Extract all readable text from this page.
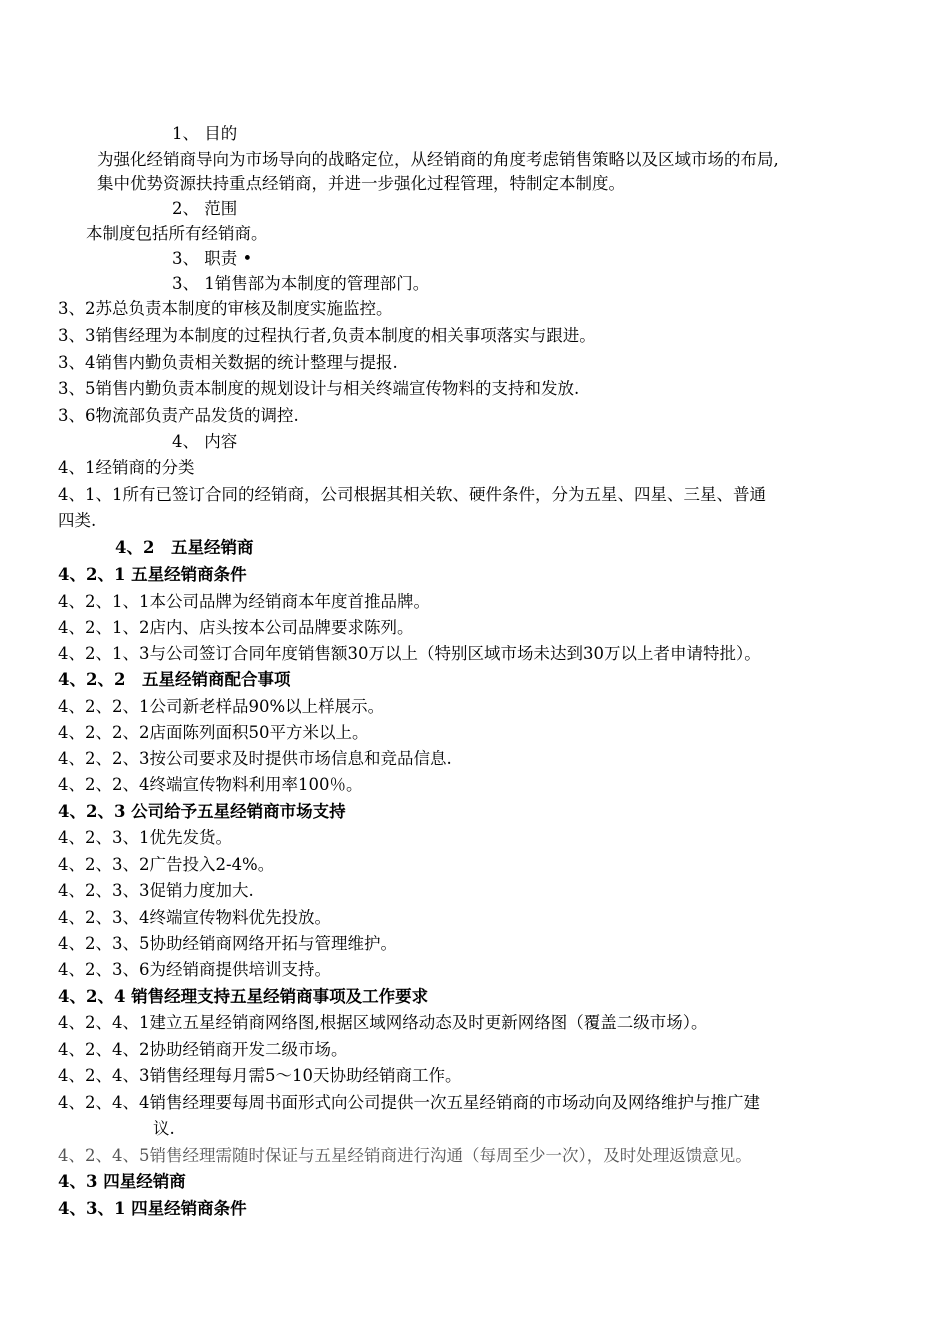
1、 目的
为强化经销商导向为市场导向的战略定位，从经销商的角度考虑销售策略以及区域市场的布局,
集中优势资源扶持重点经销商，并进一步强化过程管理，特制定本制度。
2、 范围
本制度包括所有经销商。
3、 职责 •
3、 1销售部为本制度的管理部门。
3、2苏总负责本制度的审核及制度实施监控。
3、3销售经理为本制度的过程执行者,负责本制度的相关事项落实与跟进。
3、4销售内勤负责相关数据的统计整理与提报.
3、5销售内勤负责本制度的规划设计与相关终端宣传物料的支持和发放.
3、6物流部负责产品发货的调控.
4、 内容
4、1经销商的分类
4、1、1所有已签订合同的经销商，公司根据其相关软、硬件条件，分为五星、四星、三星、普通
四类.
4、2　五星经销商
4、2、1 五星经销商条件
4、2、1、1本公司品牌为经销商本年度首推品牌。
4、2、1、2店内、店头按本公司品牌要求陈列。
4、2、1、3与公司签订合同年度销售额30万以上（特别区域市场未达到30万以上者申请特批）。
4、2、2　五星经销商配合事项
4、2、2、1公司新老样品90%以上样展示。
4、2、2、2店面陈列面积50平方米以上。
4、2、2、3按公司要求及时提供市场信息和竞品信息.
4、2、2、4终端宣传物料利用率100％。
4、2、3 公司给予五星经销商市场支持
4、2、3、1优先发货。
4、2、3、2广告投入2-4%。
4、2、3、3促销力度加大.
4、2、3、4终端宣传物料优先投放。
4、2、3、5协助经销商网络开拓与管理维护。
4、2、3、6为经销商提供培训支持。
4、2、4 销售经理支持五星经销商事项及工作要求
4、2、4、1建立五星经销商网络图,根据区域网络动态及时更新网络图（覆盖二级市场）。
4、2、4、2协助经销商开发二级市场。
4、2、4、3销售经理每月需5～10天协助经销商工作。
4、2、4、4销售经理要每周书面形式向公司提供一次五星经销商的市场动向及网络维护与推广建
议.
4、2、4、5销售经理需随时保证与五星经销商进行沟通（每周至少一次），及时处理返馈意见。
4、3 四星经销商
4、3、1 四星经销商条件
